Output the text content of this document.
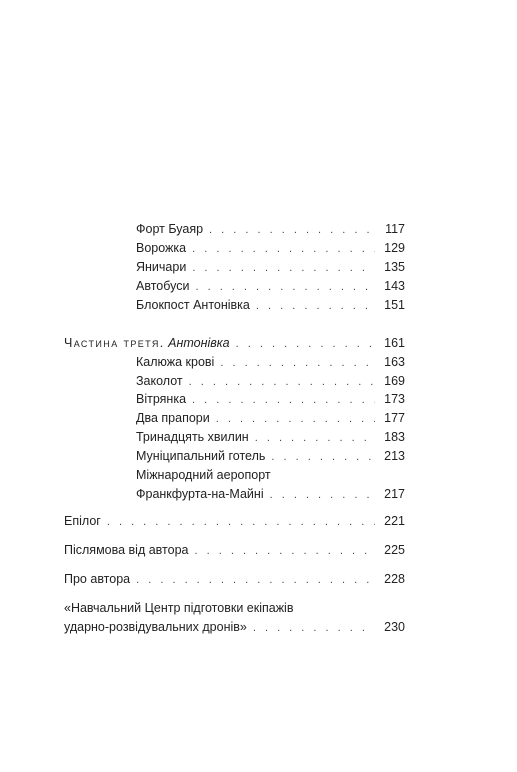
Форт Буаяр . . .	117
Ворожка . . .	129
Яничари . . .	135
Автобуси . . .	143
Блокпост Антонівка . . .	151
Частина третя. Антонівка . . .	161
Калюжа крові . . .	163
Заколот . . .	169
Вітрянка . . .	173
Два прапори . . .	177
Тринадцять хвилин . . .	183
Муніципальний готель . . .	213
Міжнародний аеропорт
Франкфурта-на-Майні . . .	217
Епілог . . .	221
Післямова від автора . . .	225
Про автора . . .	228
«Навчальний Центр підготовки екіпажів
ударно-розвідувальних дронів» . . .	230
